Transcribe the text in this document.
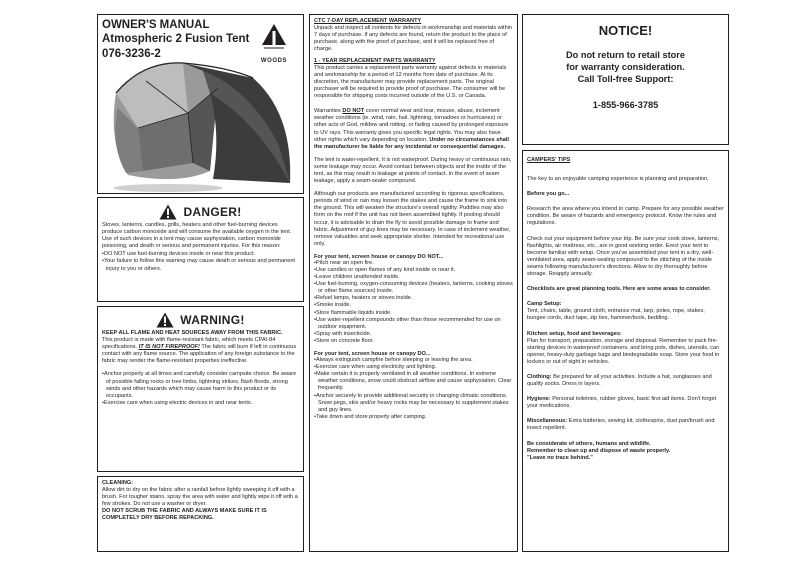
OWNER'S MANUAL
Atmospheric 2 Fusion Tent
076-3236-2
WOODS
DANGER!
Stoves, lanterns, candles, grills, heaters and other fuel-burning devices produce carbon monoxide and will consume the available oxygen in the tent. Use of such devices in a tent may cause asphyxiation, carbon monoxide poisoning, and death or serious and permanent injuries. For this reason:
• DO NOT use fuel-burning devices inside or near this product.
• Your failure to follow this warning may cause death or serious and permanent injury to you or others.
WARNING!
KEEP ALL FLAME AND HEAT SOURCES AWAY FROM THIS FABRIC.
This product is made with flame-resistant fabric, which meets CPAI-84 specifications. IT IS NOT FIREPROOF! The fabric will burn if left in continuous contact with any flame source. The application of any foreign substance to the fabric may render the flame-resistant properties ineffective.
• Anchor properly at all times and carefully consider campsite choice. Be aware of possible falling rocks or tree limbs, lightning strikes, flash floods, strong winds and other hazards which may cause harm to this product or its occupants.
• Exercise care when using electric devices in and near tents.
CLEANING:
Allow dirt to dry on the fabric after a rainfall before lightly sweeping it off with a brush. For tougher stains, spray the area with water and lightly wipe it off with a few strokes. Do not use a washer or dryer.
DO NOT SCRUB THE FABRIC AND ALWAYS MAKE SURE IT IS COMPLETELY DRY BEFORE REPACKING.
CTC 7-DAY REPLACEMENT WARRANTY
Unpack and inspect all contents for defects in workmanship and materials within 7 days of purchase. If any defects are found, return the product to the place of purchase, along with the proof of purchase, and it will be replaced free of charge.
1 - YEAR REPLACEMENT PARTS WARRANTY
This product carries a replacement parts warranty against defects in materials and workmanship for a period of 12 months from date of purchase. At its discretion, the manufacturer may provide replacement parts. The original purchaser will be required to provide proof of purchase. The consumer will be responsible for shipping costs incurred outside of the U.S. or Canada.
Warranties DO NOT cover normal wear and tear, misuse, abuse, inclement weather conditions (ie. wind, rain, hail, lightning, tornadoes or hurricanes) or other acts of God, mildew and rotting, or fading caused by prolonged exposure to UV rays. This warranty gives you specific legal rights. You may also have other rights which vary depending on location. Under no circumstances shall the manufacturer be liable for any incidental or consequential damages.
The tent is water-repellent. It is not waterproof. During heavy or continuous rain, some leakage may occur. Avoid contact between objects and the inside of the tent, as this may result in leakage at points of contact. In the event of seam leakage, apply a seam-sealer compound.
Although our products are manufactured according to rigorous specifications, periods of wind or rain may loosen the stakes and cause the frame to sink into the ground. This will weaken the structure's overall rigidity. Puddles may also form on the roof if the unit has not been assembled tightly. If pooling should occur, it is advisable to drain the fly to avoid possible damage to frame and fabric. Adjustment of guy lines may be necessary. In case of inclement weather, remove valuables and seek appropriate shelter. Intended for recreational use only.
For your tent, screen house or canopy DO NOT...
• Pitch near an open fire.
• Use candles or open flames of any kind inside or near it.
• Leave children unattended inside.
• Use fuel-burning, oxygen-consuming devices (heaters, lanterns, cooking stoves or other flame sources) inside.
• Refuel lamps, heaters or stoves inside.
• Smoke inside.
• Store flammable liquids inside.
• Use water-repellent compounds other than those recommended for use on outdoor equipment.
• Spray with insecticide.
• Store on concrete floor.
For your tent, screen house or canopy DO...
• Always extinguish campfire before sleeping or leaving the area.
• Exercise care when using electricity and lighting.
• Make certain it is properly ventilated in all weather conditions. In extreme weather conditions, snow could obstruct airflow and cause asphyxiation. Clear frequently.
• Anchor securely to provide additional security in changing climatic conditions. Snow pegs, skis and/or heavy rocks may be necessary to supplement stakes and guy lines.
• Take down and store properly after camping.
NOTICE!
Do not return to retail store
for warranty consideration.
Call Toll-free Support:
1-855-966-3785
CAMPERS' TIPS
The key to an enjoyable camping experience is planning and preparation.
Before you go...
Research the area where you intend to camp. Prepare for any possible weather condition. Be aware of hazards and emergency protocol. Know the rules and regulations.
Check out your equipment before your trip. Be sure your cook stove, lanterns, flashlights, air mattress, etc., are in good working order. Erect your tent to become familiar with setup. Once you've assembled your tent in a dry, well-ventilated area, apply seam-sealing compound to the stitching of the inside seams following manufacturer's directions. Allow to dry thoroughly before storage. Reapply annually.
Checklists are great planning tools. Here are some areas to consider.
Camp Setup:
Tent, chairs, table, ground cloth, entrance mat, tarp, poles, rope, stakes, bungee cords, duct tape, zip ties, hammer/tools, bedding.
Kitchen setup, food and beverages:
Plan for transport, preparation, storage and disposal. Remember to pack fire-starting devices in waterproof containers, and bring pots, dishes, utensils, can opener, heavy-duty garbage bags and biodegradable soap. Store your food in lockers or out of sight in vehicles.
Clothing: Be prepared for all your activities. Include a hat, sunglasses and quality socks. Dress in layers.
Hygiene: Personal toiletries, rubber gloves, basic first aid items. Don't forget your medications.
Miscellaneous: Extra batteries, sewing kit, clothespins, dust pan/brush and insect repellent.
Be considerate of others, humans and wildlife.
Remember to clean up and dispose of waste properly.
"Leave no trace behind."
